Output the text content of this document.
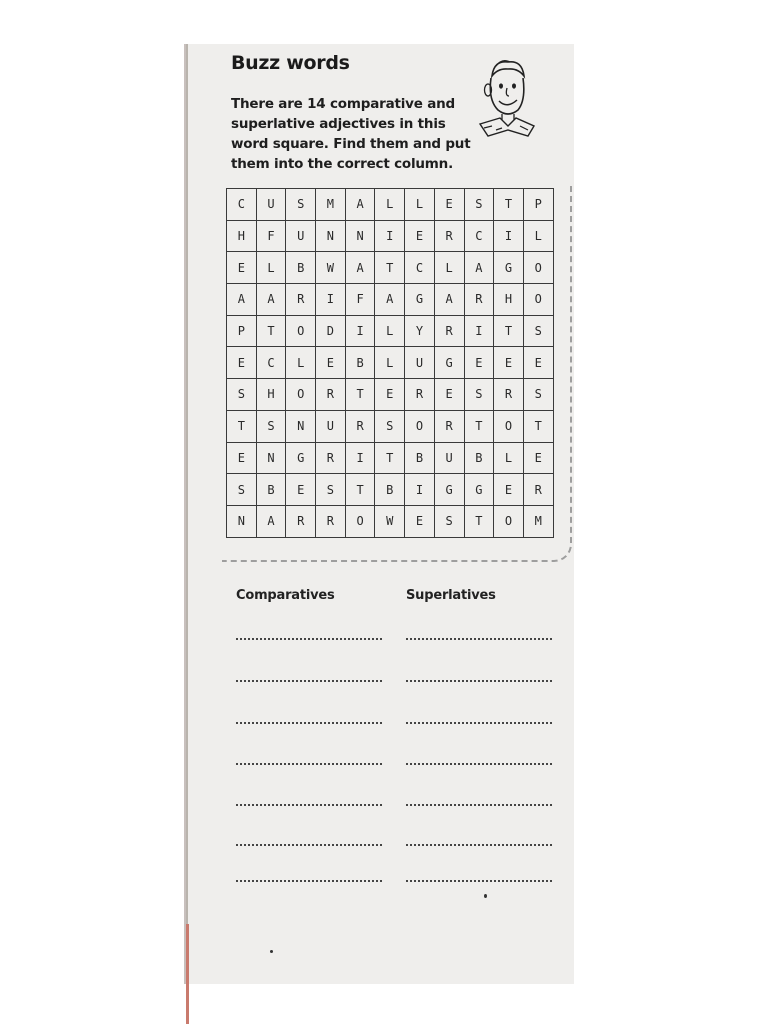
Buzz words

There are 14 comparative and superlative adjectives in this word square. Find them and put them into the correct column.

C	U	S	M	A	L	L	E	S	T	P
H	F	U	N	N	I	E	R	C	I	L
E	L	B	W	A	T	C	L	A	G	O
A	A	R	I	F	A	G	A	R	H	O
P	T	O	D	I	L	Y	R	I	T	S
E	C	L	E	B	L	U	G	E	E	E
S	H	O	R	T	E	R	E	S	R	S
T	S	N	U	R	S	O	R	T	O	T
E	N	G	R	I	T	B	U	B	L	E
S	B	E	S	T	B	I	G	G	E	R
N	A	R	R	O	W	E	S	T	O	M
Comparatives	Superlatives
